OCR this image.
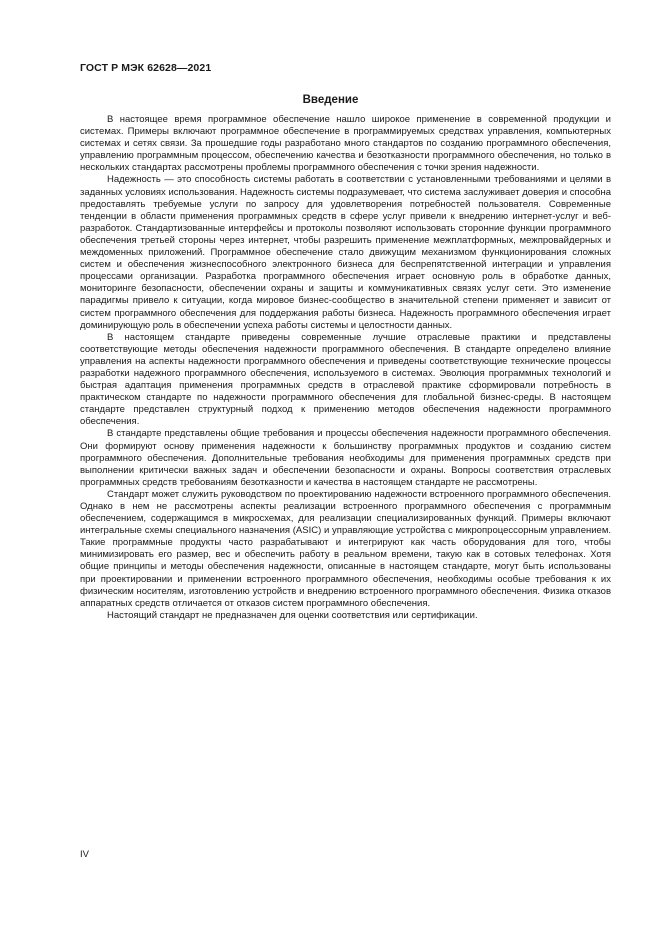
ГОСТ Р МЭК 62628—2021
Введение

В настоящее время программное обеспечение нашло широкое применение в современной продукции и системах. Примеры включают программное обеспечение в программируемых средствах управления, компьютерных системах и сетях связи. За прошедшие годы разработано много стандартов по созданию программного обеспечения, управлению программным процессом, обеспечению качества и безотказности программного обеспечения, но только в нескольких стандартах рассмотрены проблемы программного обеспечения с точки зрения надежности.

Надежность — это способность системы работать в соответствии с установленными требованиями и целями в заданных условиях использования. Надежность системы подразумевает, что система заслуживает доверия и способна предоставлять требуемые услуги по запросу для удовлетворения потребностей пользователя. Современные тенденции в области применения программных средств в сфере услуг привели к внедрению интернет-услуг и веб-разработок. Стандартизованные интерфейсы и протоколы позволяют использовать сторонние функции программного обеспечения третьей стороны через интернет, чтобы разрешить применение межплатформных, межпровайдерных и междоменных приложений. Программное обеспечение стало движущим механизмом функционирования сложных систем и обеспечения жизнеспособного электронного бизнеса для беспрепятственной интеграции и управления процессами организации. Разработка программного обеспечения играет основную роль в обработке данных, мониторинге безопасности, обеспечении охраны и защиты и коммуникативных связях услуг сети. Это изменение парадигмы привело к ситуации, когда мировое бизнес-сообщество в значительной степени применяет и зависит от систем программного обеспечения для поддержания работы бизнеса. Надежность программного обеспечения играет доминирующую роль в обеспечении успеха работы системы и целостности данных.

В настоящем стандарте приведены современные лучшие отраслевые практики и представлены соответствующие методы обеспечения надежности программного обеспечения. В стандарте определено влияние управления на аспекты надежности программного обеспечения и приведены соответствующие технические процессы разработки надежного программного обеспечения, используемого в системах. Эволюция программных технологий и быстрая адаптация применения программных средств в отраслевой практике сформировали потребность в практическом стандарте по надежности программного обеспечения для глобальной бизнес-среды. В настоящем стандарте представлен структурный подход к применению методов обеспечения надежности программного обеспечения.

В стандарте представлены общие требования и процессы обеспечения надежности программного обеспечения. Они формируют основу применения надежности к большинству программных продуктов и созданию систем программного обеспечения. Дополнительные требования необходимы для применения программных средств при выполнении критически важных задач и обеспечении безопасности и охраны. Вопросы соответствия отраслевых программных средств требованиям безотказности и качества в настоящем стандарте не рассмотрены.

Стандарт может служить руководством по проектированию надежности встроенного программного обеспечения. Однако в нем не рассмотрены аспекты реализации встроенного программного обеспечения с программным обеспечением, содержащимся в микросхемах, для реализации специализированных функций. Примеры включают интегральные схемы специального назначения (ASIC) и управляющие устройства с микропроцессорным управлением. Такие программные продукты часто разрабатывают и интегрируют как часть оборудования для того, чтобы минимизировать его размер, вес и обеспечить работу в реальном времени, такую как в сотовых телефонах. Хотя общие принципы и методы обеспечения надежности, описанные в настоящем стандарте, могут быть использованы при проектировании и применении встроенного программного обеспечения, необходимы особые требования к их физическим носителям, изготовлению устройств и внедрению встроенного программного обеспечения. Физика отказов аппаратных средств отличается от отказов систем программного обеспечения.

Настоящий стандарт не предназначен для оценки соответствия или сертификации.

IV
